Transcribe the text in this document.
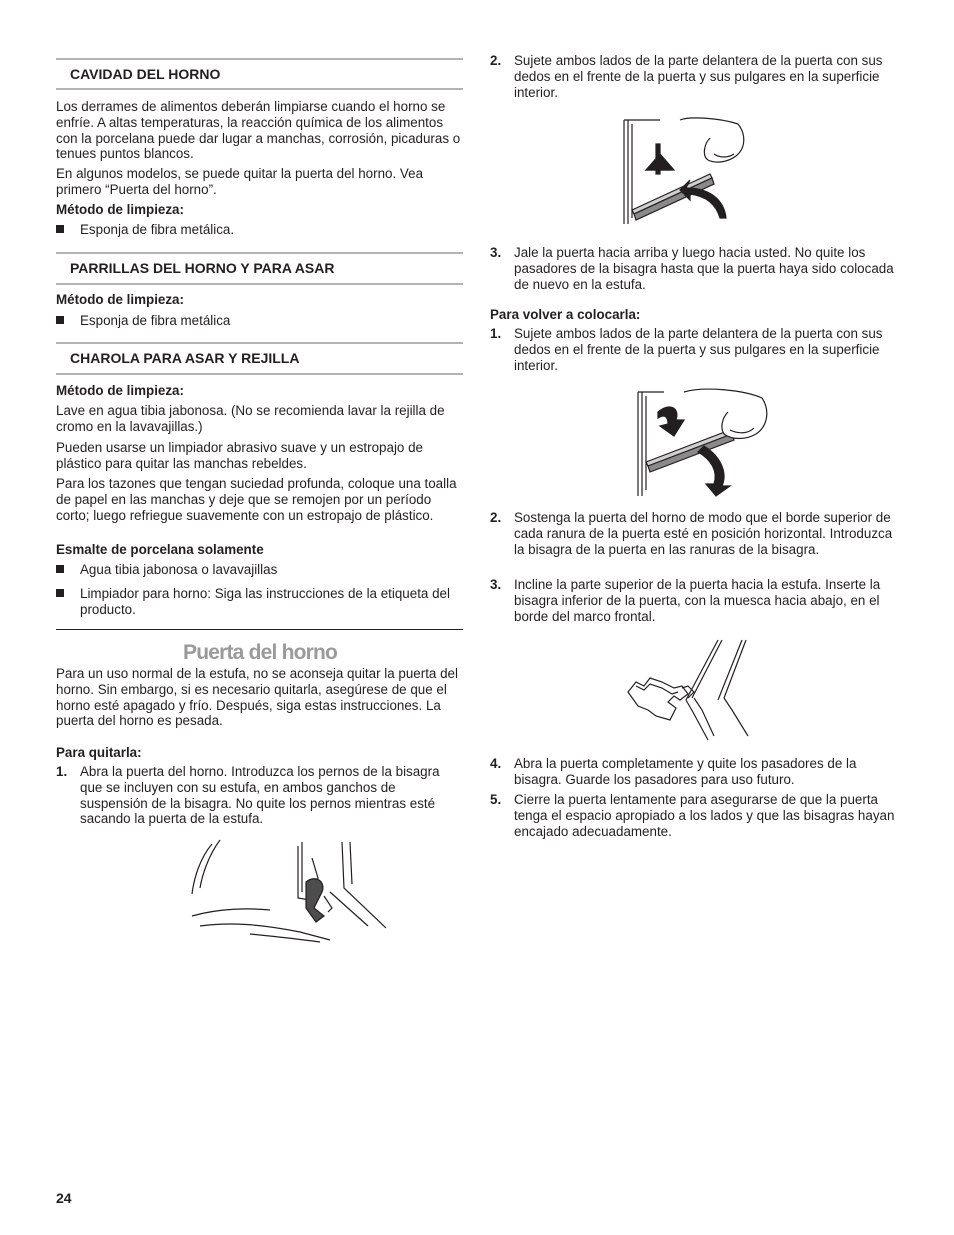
CAVIDAD DEL HORNO

Los derrames de alimentos deberán limpiarse cuando el horno se enfríe. A altas temperaturas, la reacción química de los alimentos con la porcelana puede dar lugar a manchas, corrosión, picaduras o tenues puntos blancos.

En algunos modelos, se puede quitar la puerta del horno. Vea primero “Puerta del horno”.

Método de limpieza:

Esponja de fibra metálica.
PARRILLAS DEL HORNO Y PARA ASAR

Método de limpieza:

Esponja de fibra metálica
CHAROLA PARA ASAR Y REJILLA

Método de limpieza:

Lave en agua tibia jabonosa. (No se recomienda lavar la rejilla de cromo en la lavavajillas.)

Pueden usarse un limpiador abrasivo suave y un estropajo de plástico para quitar las manchas rebeldes.

Para los tazones que tengan suciedad profunda, coloque una toalla de papel en las manchas y deje que se remojen por un período corto; luego refriegue suavemente con un estropajo de plástico.

Esmalte de porcelana solamente

Agua tibia jabonosa o lavavajillas
Limpiador para horno: Siga las instrucciones de la etiqueta del producto.
Puerta del horno

Para un uso normal de la estufa, no se aconseja quitar la puerta del horno. Sin embargo, si es necesario quitarla, asegúrese de que el horno esté apagado y frío. Después, siga estas instrucciones. La puerta del horno es pesada.

Para quitarla:

1. Abra la puerta del horno. Introduzca los pernos de la bisagra que se incluyen con su estufa, en ambos ganchos de suspensión de la bisagra. No quite los pernos mientras esté sacando la puerta de la estufa.
2. Sujete ambos lados de la parte delantera de la puerta con sus dedos en el frente de la puerta y sus pulgares en la superficie interior.
3. Jale la puerta hacia arriba y luego hacia usted. No quite los pasadores de la bisagra hasta que la puerta haya sido colocada de nuevo en la estufa.

Para volver a colocarla:

1. Sujete ambos lados de la parte delantera de la puerta con sus dedos en el frente de la puerta y sus pulgares en la superficie interior.
2. Sostenga la puerta del horno de modo que el borde superior de cada ranura de la puerta esté en posición horizontal. Introduzca la bisagra de la puerta en las ranuras de la bisagra.
3. Incline la parte superior de la puerta hacia la estufa. Inserte la bisagra inferior de la puerta, con la muesca hacia abajo, en el borde del marco frontal.
4. Abra la puerta completamente y quite los pasadores de la bisagra. Guarde los pasadores para uso futuro.
5. Cierre la puerta lentamente para asegurarse de que la puerta tenga el espacio apropiado a los lados y que las bisagras hayan encajado adecuadamente.
24
